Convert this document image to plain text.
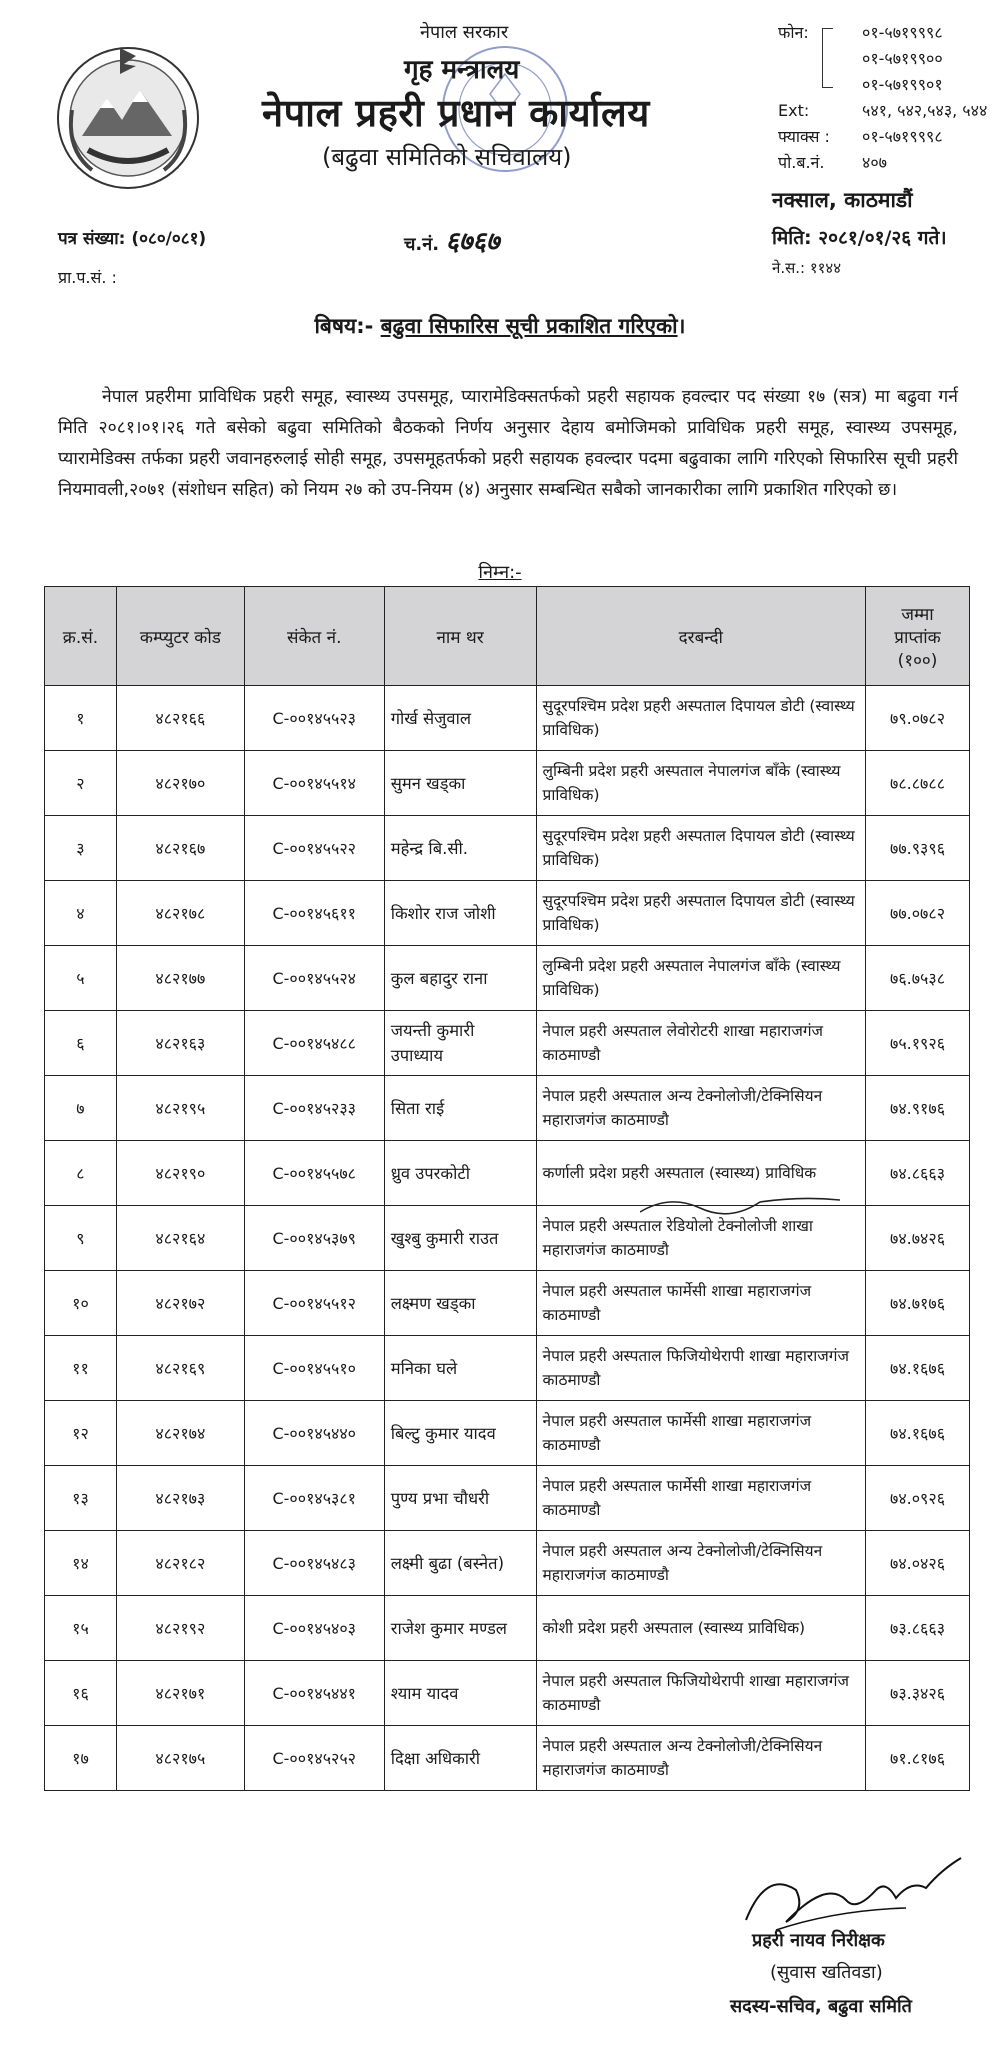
नेपाल सरकार
गृह मन्त्रालय
नेपाल प्रहरी प्रधान कार्यालय
(बढुवा समितिको सचिवालय)
फोन:	०१-५७१९९९८
०१-५७१९९००
०१-५७१९९०१
Ext:	५४१, ५४२,५४३, ५४४
फ्याक्स :	०१-५७१९९९८
पो.ब.नं.	४०७
नक्साल, काठमाडौं
पत्र संख्या: (०८०/०८१)
प्रा.प.सं. :
च.नं. ६७६७	मिति: २०८१/०१/२६ गते।
ने.स.: ११४४
बिषय:- बढुवा सिफारिस सूची प्रकाशित गरिएको।
नेपाल प्रहरीमा प्राविधिक प्रहरी समूह, स्वास्थ्य उपसमूह, प्यारामेडिक्सतर्फको प्रहरी सहायक हवल्दार पद संख्या १७ (सत्र) मा बढुवा गर्न मिति २०८१।०१।२६ गते बसेको बढुवा समितिको बैठकको निर्णय अनुसार देहाय बमोजिमको प्राविधिक प्रहरी समूह, स्वास्थ्य उपसमूह, प्यारामेडिक्स तर्फका प्रहरी जवानहरुलाई सोही समूह, उपसमूहतर्फको प्रहरी सहायक हवल्दार पदमा बढुवाका लागि गरिएको सिफारिस सूची प्रहरी नियमावली,२०७१ (संशोधन सहित) को नियम २७ को उप-नियम (४) अनुसार सम्बन्धित सबैको जानकारीका लागि प्रकाशित गरिएको छ।
निम्न:-
क्र.सं.	कम्प्युटर कोड	संकेत नं.	नाम थर	दरबन्दी	जम्मा
प्राप्तांक
(१००)

१	४८२१६६	C-००१४५५२३	गोर्ख सेजुवाल	सुदूरपश्चिम प्रदेश प्रहरी अस्पताल दिपायल डोटी (स्वास्थ्य प्राविधिक)	७९.०७८२
२	४८२१७०	C-००१४५५१४	सुमन खड्का	लुम्बिनी प्रदेश प्रहरी अस्पताल नेपालगंज बाँके (स्वास्थ्य प्राविधिक)	७८.८७८८
३	४८२१६७	C-००१४५५२२	महेन्द्र बि.सी.	सुदूरपश्चिम प्रदेश प्रहरी अस्पताल दिपायल डोटी (स्वास्थ्य प्राविधिक)	७७.९३९६
४	४८२१७८	C-००१४५६११	किशोर राज जोशी	सुदूरपश्चिम प्रदेश प्रहरी अस्पताल दिपायल डोटी (स्वास्थ्य प्राविधिक)	७७.०७८२
५	४८२१७७	C-००१४५५२४	कुल बहादुर राना	लुम्बिनी प्रदेश प्रहरी अस्पताल नेपालगंज बाँके (स्वास्थ्य प्राविधिक)	७६.७५३८
६	४८२१६३	C-००१४५४८८	जयन्ती कुमारी उपाध्याय	नेपाल प्रहरी अस्पताल लेवोरोटरी शाखा महाराजगंज काठमाण्डौ	७५.१९२६
७	४८२१९५	C-००१४५२३३	सिता राई	नेपाल प्रहरी अस्पताल अन्य टेक्नोलोजी/टेक्निसियन महाराजगंज काठमाण्डौ	७४.९१७६
८	४८२१९०	C-००१४५५७८	ध्रुव उपरकोटी	कर्णाली प्रदेश प्रहरी अस्पताल (स्वास्थ्य) प्राविधिक	७४.८६६३
९	४८२१६४	C-००१४५३७९	खुश्बु कुमारी राउत	नेपाल प्रहरी अस्पताल रेडियोलो टेक्नोलोजी शाखा महाराजगंज काठमाण्डौ	७४.७४२६
१०	४८२१७२	C-००१४५५१२	लक्ष्मण खड्का	नेपाल प्रहरी अस्पताल फार्मेसी शाखा महाराजगंज काठमाण्डौ	७४.७१७६
११	४८२१६९	C-००१४५५१०	मनिका घले	नेपाल प्रहरी अस्पताल फिजियोथेरापी शाखा महाराजगंज काठमाण्डौ	७४.१६७६
१२	४८२१७४	C-००१४५४४०	बिल्टु कुमार यादव	नेपाल प्रहरी अस्पताल फार्मेसी शाखा महाराजगंज काठमाण्डौ	७४.१६७६
१३	४८२१७३	C-००१४५३८१	पुण्य प्रभा चौधरी	नेपाल प्रहरी अस्पताल फार्मेसी शाखा महाराजगंज काठमाण्डौ	७४.०९२६
१४	४८२१८२	C-००१४५४८३	लक्ष्मी बुढा (बस्नेत)	नेपाल प्रहरी अस्पताल अन्य टेक्नोलोजी/टेक्निसियन महाराजगंज काठमाण्डौ	७४.०४२६
१५	४८२१९२	C-००१४५४०३	राजेश कुमार मण्डल	कोशी प्रदेश प्रहरी अस्पताल (स्वास्थ्य प्राविधिक)	७३.८६६३
१६	४८२१७१	C-००१४५४४१	श्याम यादव	नेपाल प्रहरी अस्पताल फिजियोथेरापी शाखा महाराजगंज काठमाण्डौ	७३.३४२६
१७	४८२१७५	C-००१४५२५२	दिक्षा अधिकारी	नेपाल प्रहरी अस्पताल अन्य टेक्नोलोजी/टेक्निसियन महाराजगंज काठमाण्डौ	७१.८१७६
प्रहरी नायव निरीक्षक
(सुवास खतिवडा)
सदस्य-सचिव, बढुवा समिति
